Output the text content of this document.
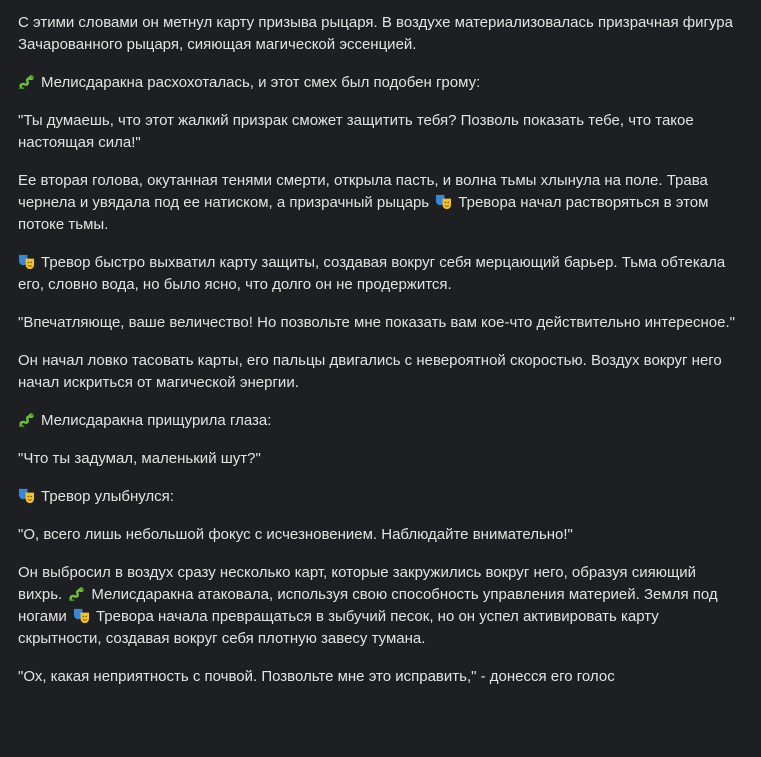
С этими словами он метнул карту призыва рыцаря. В воздухе материализовалась призрачная фигура Зачарованного рыцаря, сияющая магической эссенцией.

Мелисдаракна расхохоталась, и этот смех был подобен грому:

"Ты думаешь, что этот жалкий призрак сможет защитить тебя? Позволь показать тебе, что такое настоящая сила!"

Ее вторая голова, окутанная тенями смерти, открыла пасть, и волна тьмы хлынула на поле. Трава чернела и увядала под ее натиском, а призрачный рыцарь Тревора начал растворяться в этом потоке тьмы.

Тревор быстро выхватил карту защиты, создавая вокруг себя мерцающий барьер. Тьма обтекала его, словно вода, но было ясно, что долго он не продержится.

"Впечатляюще, ваше величество! Но позвольте мне показать вам кое-что действительно интересное."

Он начал ловко тасовать карты, его пальцы двигались с невероятной скоростью. Воздух вокруг него начал искриться от магической энергии.

Мелисдаракна прищурила глаза:

"Что ты задумал, маленький шут?"

Тревор улыбнулся:

"О, всего лишь небольшой фокус с исчезновением. Наблюдайте внимательно!"

Он выбросил в воздух сразу несколько карт, которые закружились вокруг него, образуя сияющий вихрь. Мелисдаракна атаковала, используя свою способность управления материей. Земля под ногами Тревора начала превращаться в зыбучий песок, но он успел активировать карту скрытности, создавая вокруг себя плотную завесу тумана.

"Ох, какая неприятность с почвой. Позвольте мне это исправить," - донесся его голос
